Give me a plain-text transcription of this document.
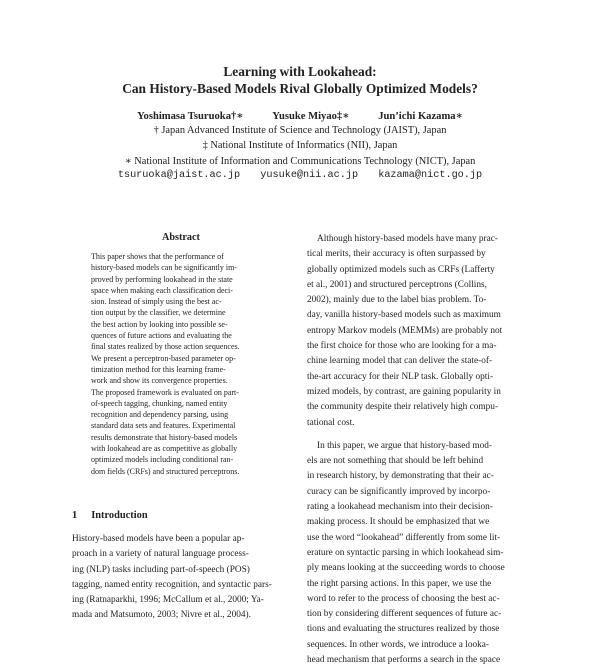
Learning with Lookahead:
Can History-Based Models Rival Globally Optimized Models?
Yoshimasa Tsuruoka†∗	Yusuke Miyao‡∗	Jun’ichi Kazama∗
† Japan Advanced Institute of Science and Technology (JAIST), Japan
‡ National Institute of Informatics (NII), Japan
∗ National Institute of Information and Communications Technology (NICT), Japan
tsuruoka@jaist.ac.jp yusuke@nii.ac.jp kazama@nict.go.jp
Abstract
This paper shows that the performance of
history-based models can be significantly im-
proved by performing lookahead in the state
space when making each classification deci-
sion. Instead of simply using the best ac-
tion output by the classifier, we determine
the best action by looking into possible se-
quences of future actions and evaluating the
final states realized by those action sequences.
We present a perceptron-based parameter op-
timization method for this learning frame-
work and show its convergence properties.
The proposed framework is evaluated on part-
of-speech tagging, chunking, named entity
recognition and dependency parsing, using
standard data sets and features. Experimental
results demonstrate that history-based models
with lookahead are as competitive as globally
optimized models including conditional ran-
dom fields (CRFs) and structured perceptrons.
1 Introduction
History-based models have been a popular ap-
proach in a variety of natural language process-
ing (NLP) tasks including part-of-speech (POS)
tagging, named entity recognition, and syntactic pars-
ing (Ratnaparkhi, 1996; McCallum et al., 2000; Ya-
mada and Matsumoto, 2003; Nivre et al., 2004).
Although history-based models have many prac-
tical merits, their accuracy is often surpassed by
globally optimized models such as CRFs (Lafferty
et al., 2001) and structured perceptrons (Collins,
2002), mainly due to the label bias problem. To-
day, vanilla history-based models such as maximum
entropy Markov models (MEMMs) are probably not
the first choice for those who are looking for a ma-
chine learning model that can deliver the state-of-
the-art accuracy for their NLP task. Globally opti-
mized models, by contrast, are gaining popularity in
the community despite their relatively high compu-
tational cost.
In this paper, we argue that history-based mod-
els are not something that should be left behind
in research history, by demonstrating that their ac-
curacy can be significantly improved by incorpo-
rating a lookahead mechanism into their decision-
making process. It should be emphasized that we
use the word “lookahead” differently from some lit-
erature on syntactic parsing in which lookahead sim-
ply means looking at the succeeding words to choose
the right parsing actions. In this paper, we use the
word to refer to the process of choosing the best ac-
tion by considering different sequences of future ac-
tions and evaluating the structures realized by those
sequences. In other words, we introduce a looka-
head mechanism that performs a search in the space
